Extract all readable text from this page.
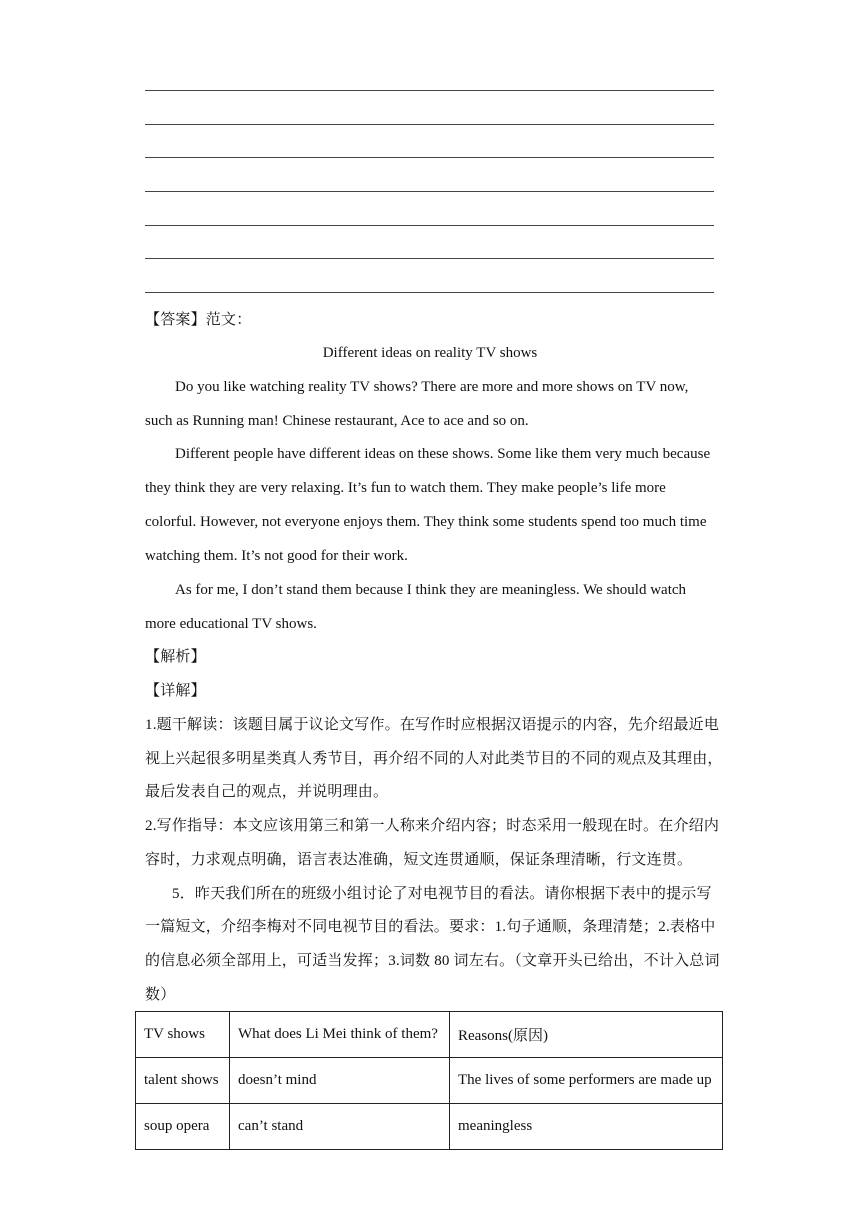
【答案】范文：
Different ideas on reality TV shows
Do you like watching reality TV shows? There are more and more shows on TV now,
such as Running man! Chinese restaurant, Ace to ace and so on.
Different people have different ideas on these shows. Some like them very much because
they think they are very relaxing. It’s fun to watch them. They make people’s life more
colorful. However, not everyone enjoys them. They think some students spend too much time
watching them. It’s not good for their work.
As for me, I don’t stand them because I think they are meaningless. We should watch
more educational TV shows.
【解析】
【详解】
1.题干解读：该题目属于议论文写作。在写作时应根据汉语提示的内容，先介绍最近电
视上兴起很多明星类真人秀节目，再介绍不同的人对此类节目的不同的观点及其理由，
最后发表自己的观点，并说明理由。
2.写作指导：本文应该用第三和第一人称来介绍内容；时态采用一般现在时。在介绍内
容时，力求观点明确，语言表达准确，短文连贯通顺，保证条理清晰，行文连贯。
5．昨天我们所在的班级小组讨论了对电视节目的看法。请你根据下表中的提示写
一篇短文，介绍李梅对不同电视节目的看法。要求：1.句子通顺，条理清楚；2.表格中
的信息必须全部用上，可适当发挥；3.词数 80 词左右。（文章开头已给出，不计入总词
数）
TV shows	What does Li Mei think of them?	Reasons(原因)
talent shows	doesn’t mind	The lives of some performers are made up
soup opera	can’t stand	meaningless
